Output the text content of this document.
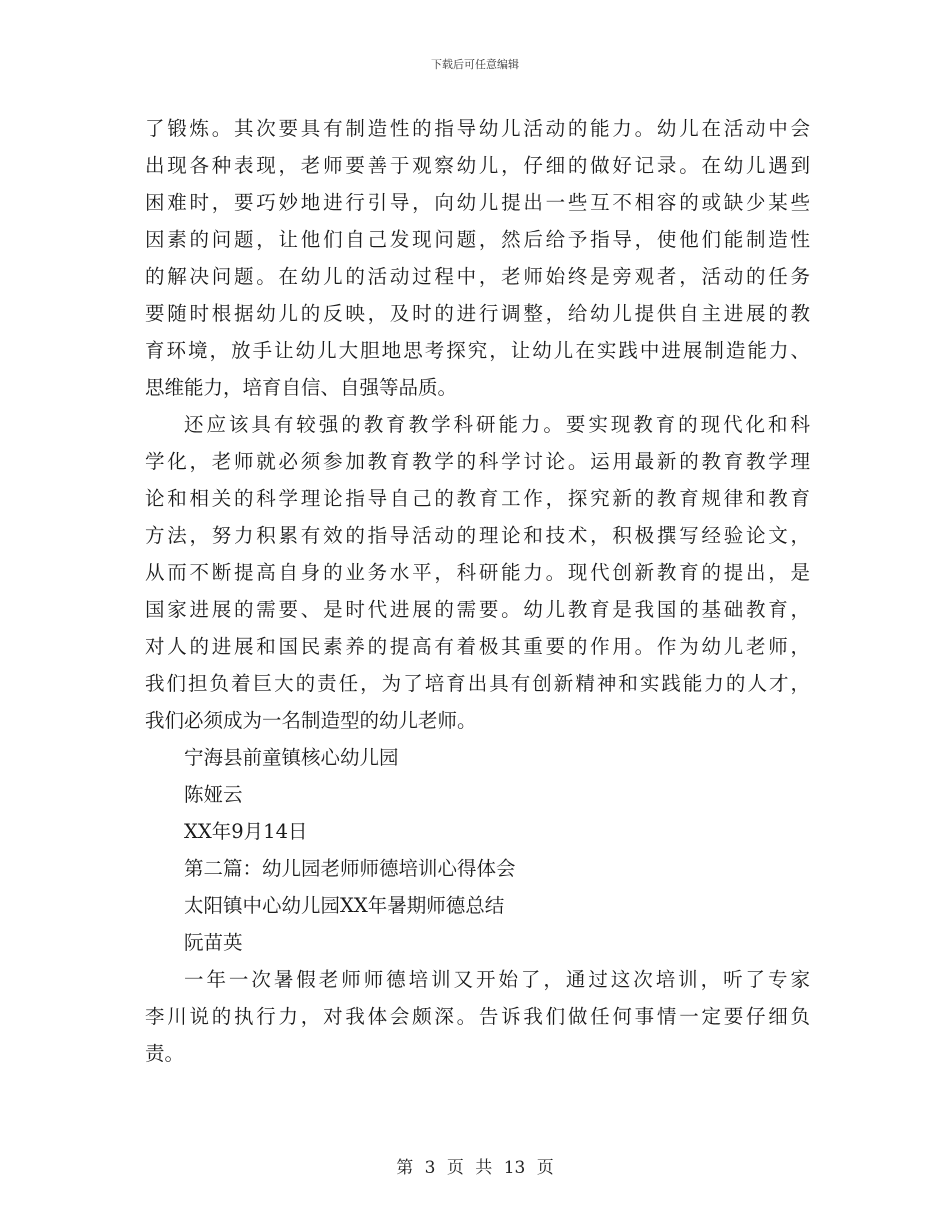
下载后可任意编辑
了锻炼。其次要具有制造性的指导幼儿活动的能力。幼儿在活动中会
出现各种表现，老师要善于观察幼儿，仔细的做好记录。在幼儿遇到
困难时，要巧妙地进行引导，向幼儿提出一些互不相容的或缺少某些
因素的问题，让他们自己发现问题，然后给予指导，使他们能制造性
的解决问题。在幼儿的活动过程中，老师始终是旁观者，活动的任务
要随时根据幼儿的反映，及时的进行调整，给幼儿提供自主进展的教
育环境，放手让幼儿大胆地思考探究，让幼儿在实践中进展制造能力、
思维能力，培育自信、自强等品质。
还应该具有较强的教育教学科研能力。要实现教育的现代化和科
学化，老师就必须参加教育教学的科学讨论。运用最新的教育教学理
论和相关的科学理论指导自己的教育工作，探究新的教育规律和教育
方法，努力积累有效的指导活动的理论和技术，积极撰写经验论文，
从而不断提高自身的业务水平，科研能力。现代创新教育的提出，是
国家进展的需要、是时代进展的需要。幼儿教育是我国的基础教育，
对人的进展和国民素养的提高有着极其重要的作用。作为幼儿老师，
我们担负着巨大的责任，为了培育出具有创新精神和实践能力的人才，
我们必须成为一名制造型的幼儿老师。
宁海县前童镇核心幼儿园
陈娅云
XX年9月14日
第二篇：幼儿园老师师德培训心得体会
太阳镇中心幼儿园XX年暑期师德总结
阮苗英
一年一次暑假老师师德培训又开始了，通过这次培训，听了专家
李川说的执行力，对我体会颇深。告诉我们做任何事情一定要仔细负
责。
第 3 页 共 13 页
